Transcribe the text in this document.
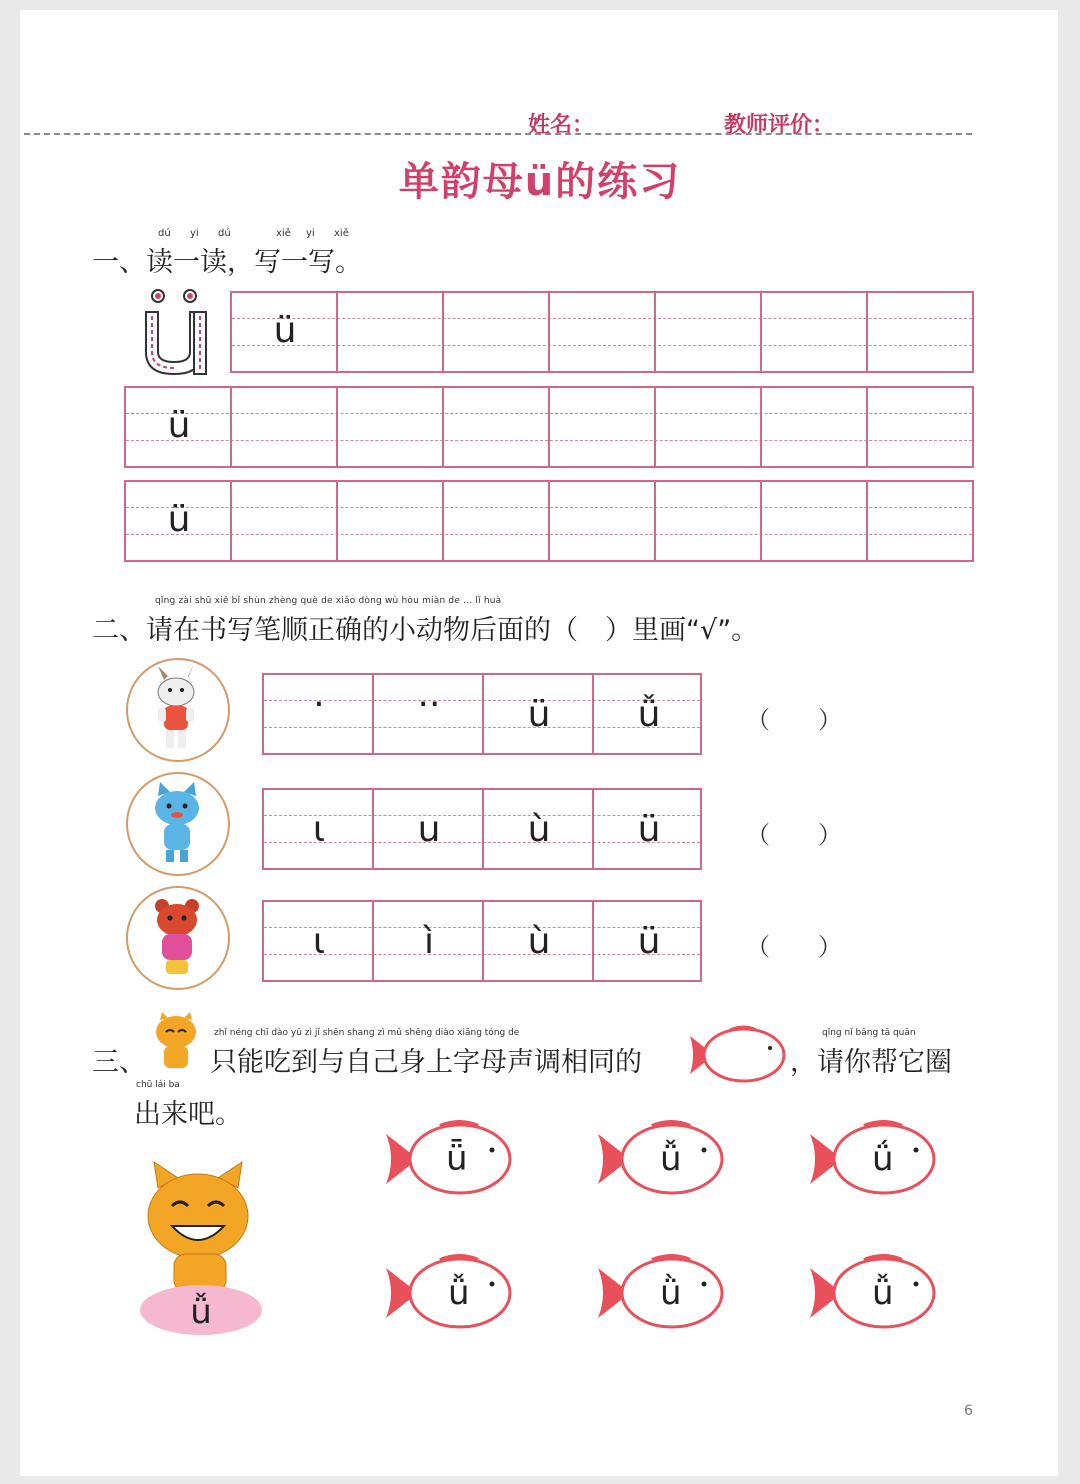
姓名：	教师评价：
单韵母ü的练习
dú yi dú	xiě yi xiě
一、读一读，写一写。
ü
ü
ü
qǐng zài shū xiě bǐ shùn zhèng què de xiǎo dòng wù hòu miàn de ... lǐ huà
二、请在书写笔顺正确的小动物后面的（　）里画“√”。
·	··	ü	ǚ	（　　）
ι	u	ù	ü	（　　）
ι	ì	ù	ü	（　　）
三、
zhǐ néng chī dào yǔ zì jǐ shēn shang zì mǔ shēng diào xiāng tóng de
只能吃到与自己身上字母声调相同的	，请你帮它圈
qǐng nǐ bāng tā quān
chū lái ba
出来吧。
ǚ
ǖ	ǚ	ǘ
ǚ	ǜ	ǚ
6
